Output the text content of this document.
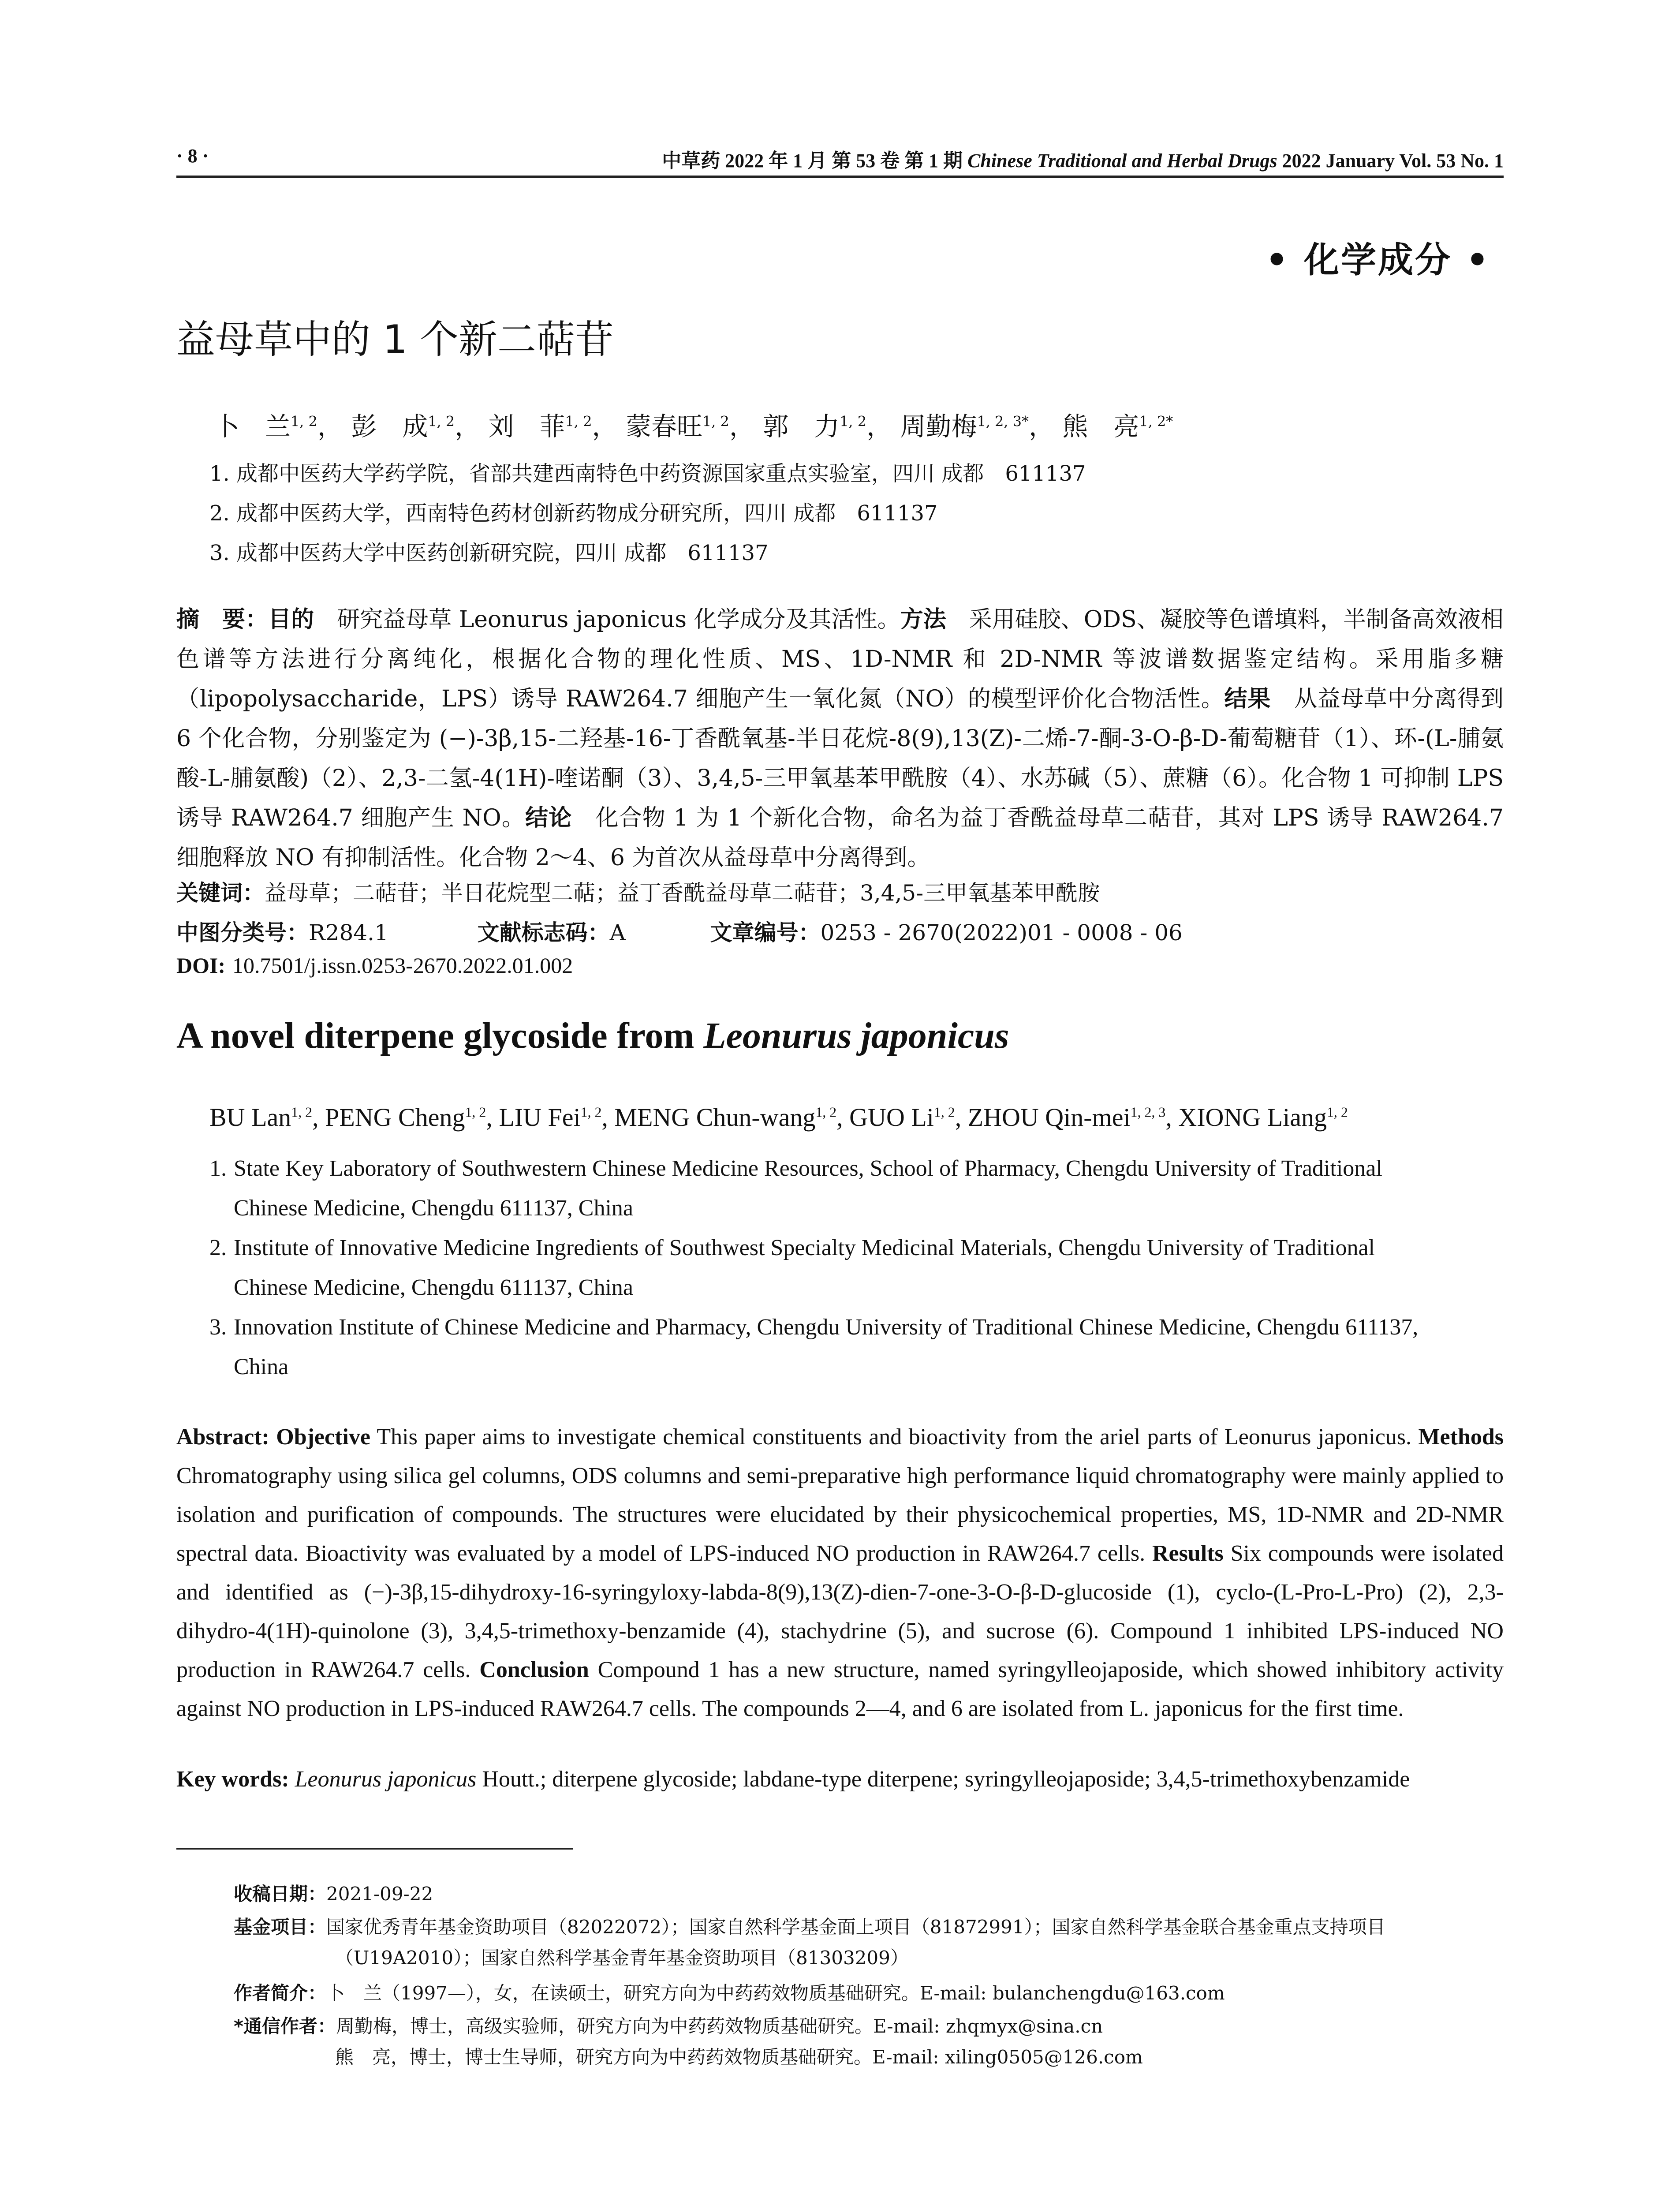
· 8 ·	中草药 2022 年 1 月 第 53 卷 第 1 期 Chinese Traditional and Herbal Drugs 2022 January Vol. 53 No. 1
• 化学成分 •
益母草中的 1 个新二萜苷
卜　兰$^{1, 2}$， 彭　成$^{1, 2}$， 刘　菲$^{1, 2}$， 蒙春旺$^{1, 2}$， 郭　力$^{1, 2}$， 周勤梅$^{1, 2, 3*}$， 熊　亮$^{1, 2*}$
1. 成都中医药大学药学院，省部共建西南特色中药资源国家重点实验室，四川 成都　611137
2. 成都中医药大学，西南特色药材创新药物成分研究所，四川 成都　611137
3. 成都中医药大学中医药创新研究院，四川 成都　611137
摘　要：目的　研究益母草 Leonurus japonicus 化学成分及其活性。方法　采用硅胶、ODS、凝胶等色谱填料，半制备高效液相色谱等方法进行分离纯化，根据化合物的理化性质、MS、1D-NMR 和 2D-NMR 等波谱数据鉴定结构。采用脂多糖（lipopolysaccharide，LPS）诱导 RAW264.7 细胞产生一氧化氮（NO）的模型评价化合物活性。结果　从益母草中分离得到 6 个化合物，分别鉴定为 (−)-3β,15-二羟基-16-丁香酰氧基-半日花烷-8(9),13(Z)-二烯-7-酮-3-O-β-D-葡萄糖苷（1）、环-(L-脯氨酸-L-脯氨酸)（2）、2,3-二氢-4(1H)-喹诺酮（3）、3,4,5-三甲氧基苯甲酰胺（4）、水苏碱（5）、蔗糖（6）。化合物 1 可抑制 LPS 诱导 RAW264.7 细胞产生 NO。结论　化合物 1 为 1 个新化合物，命名为益丁香酰益母草二萜苷，其对 LPS 诱导 RAW264.7 细胞释放 NO 有抑制活性。化合物 2～4、6 为首次从益母草中分离得到。
关键词：益母草；二萜苷；半日花烷型二萜；益丁香酰益母草二萜苷；3,4,5-三甲氧基苯甲酰胺
中图分类号：R284.1	文献标志码：A	文章编号：0253 - 2670(2022)01 - 0008 - 06
DOI: 10.7501/j.issn.0253-2670.2022.01.002
A novel diterpene glycoside from Leonurus japonicus
BU Lan$^{1, 2}$, PENG Cheng$^{1, 2}$, LIU Fei$^{1, 2}$, MENG Chun-wang$^{1, 2}$, GUO Li$^{1, 2}$, ZHOU Qin-mei$^{1, 2, 3}$, XIONG Liang$^{1, 2}$
1. State Key Laboratory of Southwestern Chinese Medicine Resources, School of Pharmacy, Chengdu University of Traditional
Chinese Medicine, Chengdu 611137, China
2. Institute of Innovative Medicine Ingredients of Southwest Specialty Medicinal Materials, Chengdu University of Traditional
Chinese Medicine, Chengdu 611137, China
3. Innovation Institute of Chinese Medicine and Pharmacy, Chengdu University of Traditional Chinese Medicine, Chengdu 611137,
China
Abstract: Objective This paper aims to investigate chemical constituents and bioactivity from the ariel parts of Leonurus japonicus. Methods Chromatography using silica gel columns, ODS columns and semi-preparative high performance liquid chromatography were mainly applied to isolation and purification of compounds. The structures were elucidated by their physicochemical properties, MS, 1D-NMR and 2D-NMR spectral data. Bioactivity was evaluated by a model of LPS-induced NO production in RAW264.7 cells. Results Six compounds were isolated and identified as (−)-3β,15-dihydroxy-16-syringyloxy-labda-8(9),13(Z)-dien-7-one-3-O-β-D-glucoside (1), cyclo-(L-Pro-L-Pro) (2), 2,3-dihydro-4(1H)-quinolone (3), 3,4,5-trimethoxy-benzamide (4), stachydrine (5), and sucrose (6). Compound 1 inhibited LPS-induced NO production in RAW264.7 cells. Conclusion Compound 1 has a new structure, named syringylleojaposide, which showed inhibitory activity against NO production in LPS-induced RAW264.7 cells. The compounds 2—4, and 6 are isolated from L. japonicus for the first time.
Key words: Leonurus japonicus Houtt.; diterpene glycoside; labdane-type diterpene; syringylleojaposide; 3,4,5-trimethoxybenzamide
收稿日期：2021-09-22
基金项目：国家优秀青年基金资助项目（82022072）；国家自然科学基金面上项目（81872991）；国家自然科学基金联合基金重点支持项目
（U19A2010）；国家自然科学基金青年基金资助项目（81303209）
作者简介：卜　兰（1997—），女，在读硕士，研究方向为中药药效物质基础研究。E-mail: bulanchengdu@163.com
*通信作者：周勤梅，博士，高级实验师，研究方向为中药药效物质基础研究。E-mail: zhqmyx@sina.cn
熊　亮，博士，博士生导师，研究方向为中药药效物质基础研究。E-mail: xiling0505@126.com
